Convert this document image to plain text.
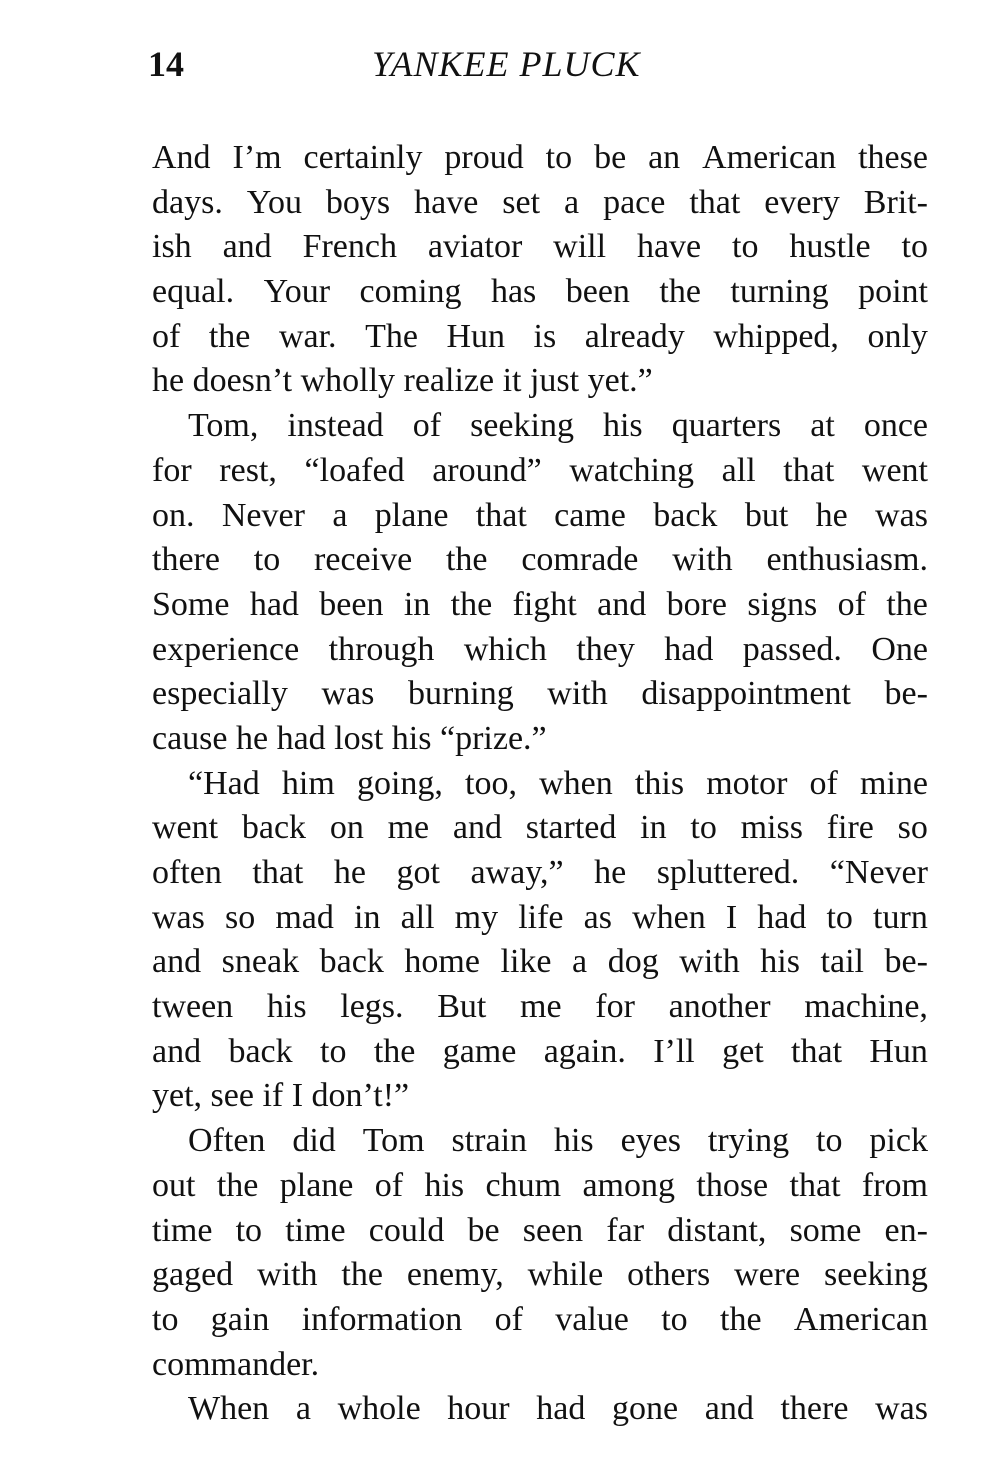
14	YANKEE PLUCK
And I’m certainly proud to be an American these
days. You boys have set a pace that every Brit-
ish and French aviator will have to hustle to
equal. Your coming has been the turning point
of the war. The Hun is already whipped, only
he doesn’t wholly realize it just yet.”
Tom, instead of seeking his quarters at once
for rest, “loafed around” watching all that went
on. Never a plane that came back but he was
there to receive the comrade with enthusiasm.
Some had been in the fight and bore signs of the
experience through which they had passed. One
especially was burning with disappointment be-
cause he had lost his “prize.”
“Had him going, too, when this motor of mine
went back on me and started in to miss fire so
often that he got away,” he spluttered. “Never
was so mad in all my life as when I had to turn
and sneak back home like a dog with his tail be-
tween his legs. But me for another machine,
and back to the game again. I’ll get that Hun
yet, see if I don’t!”
Often did Tom strain his eyes trying to pick
out the plane of his chum among those that from
time to time could be seen far distant, some en-
gaged with the enemy, while others were seeking
to gain information of value to the American
commander.
When a whole hour had gone and there was
